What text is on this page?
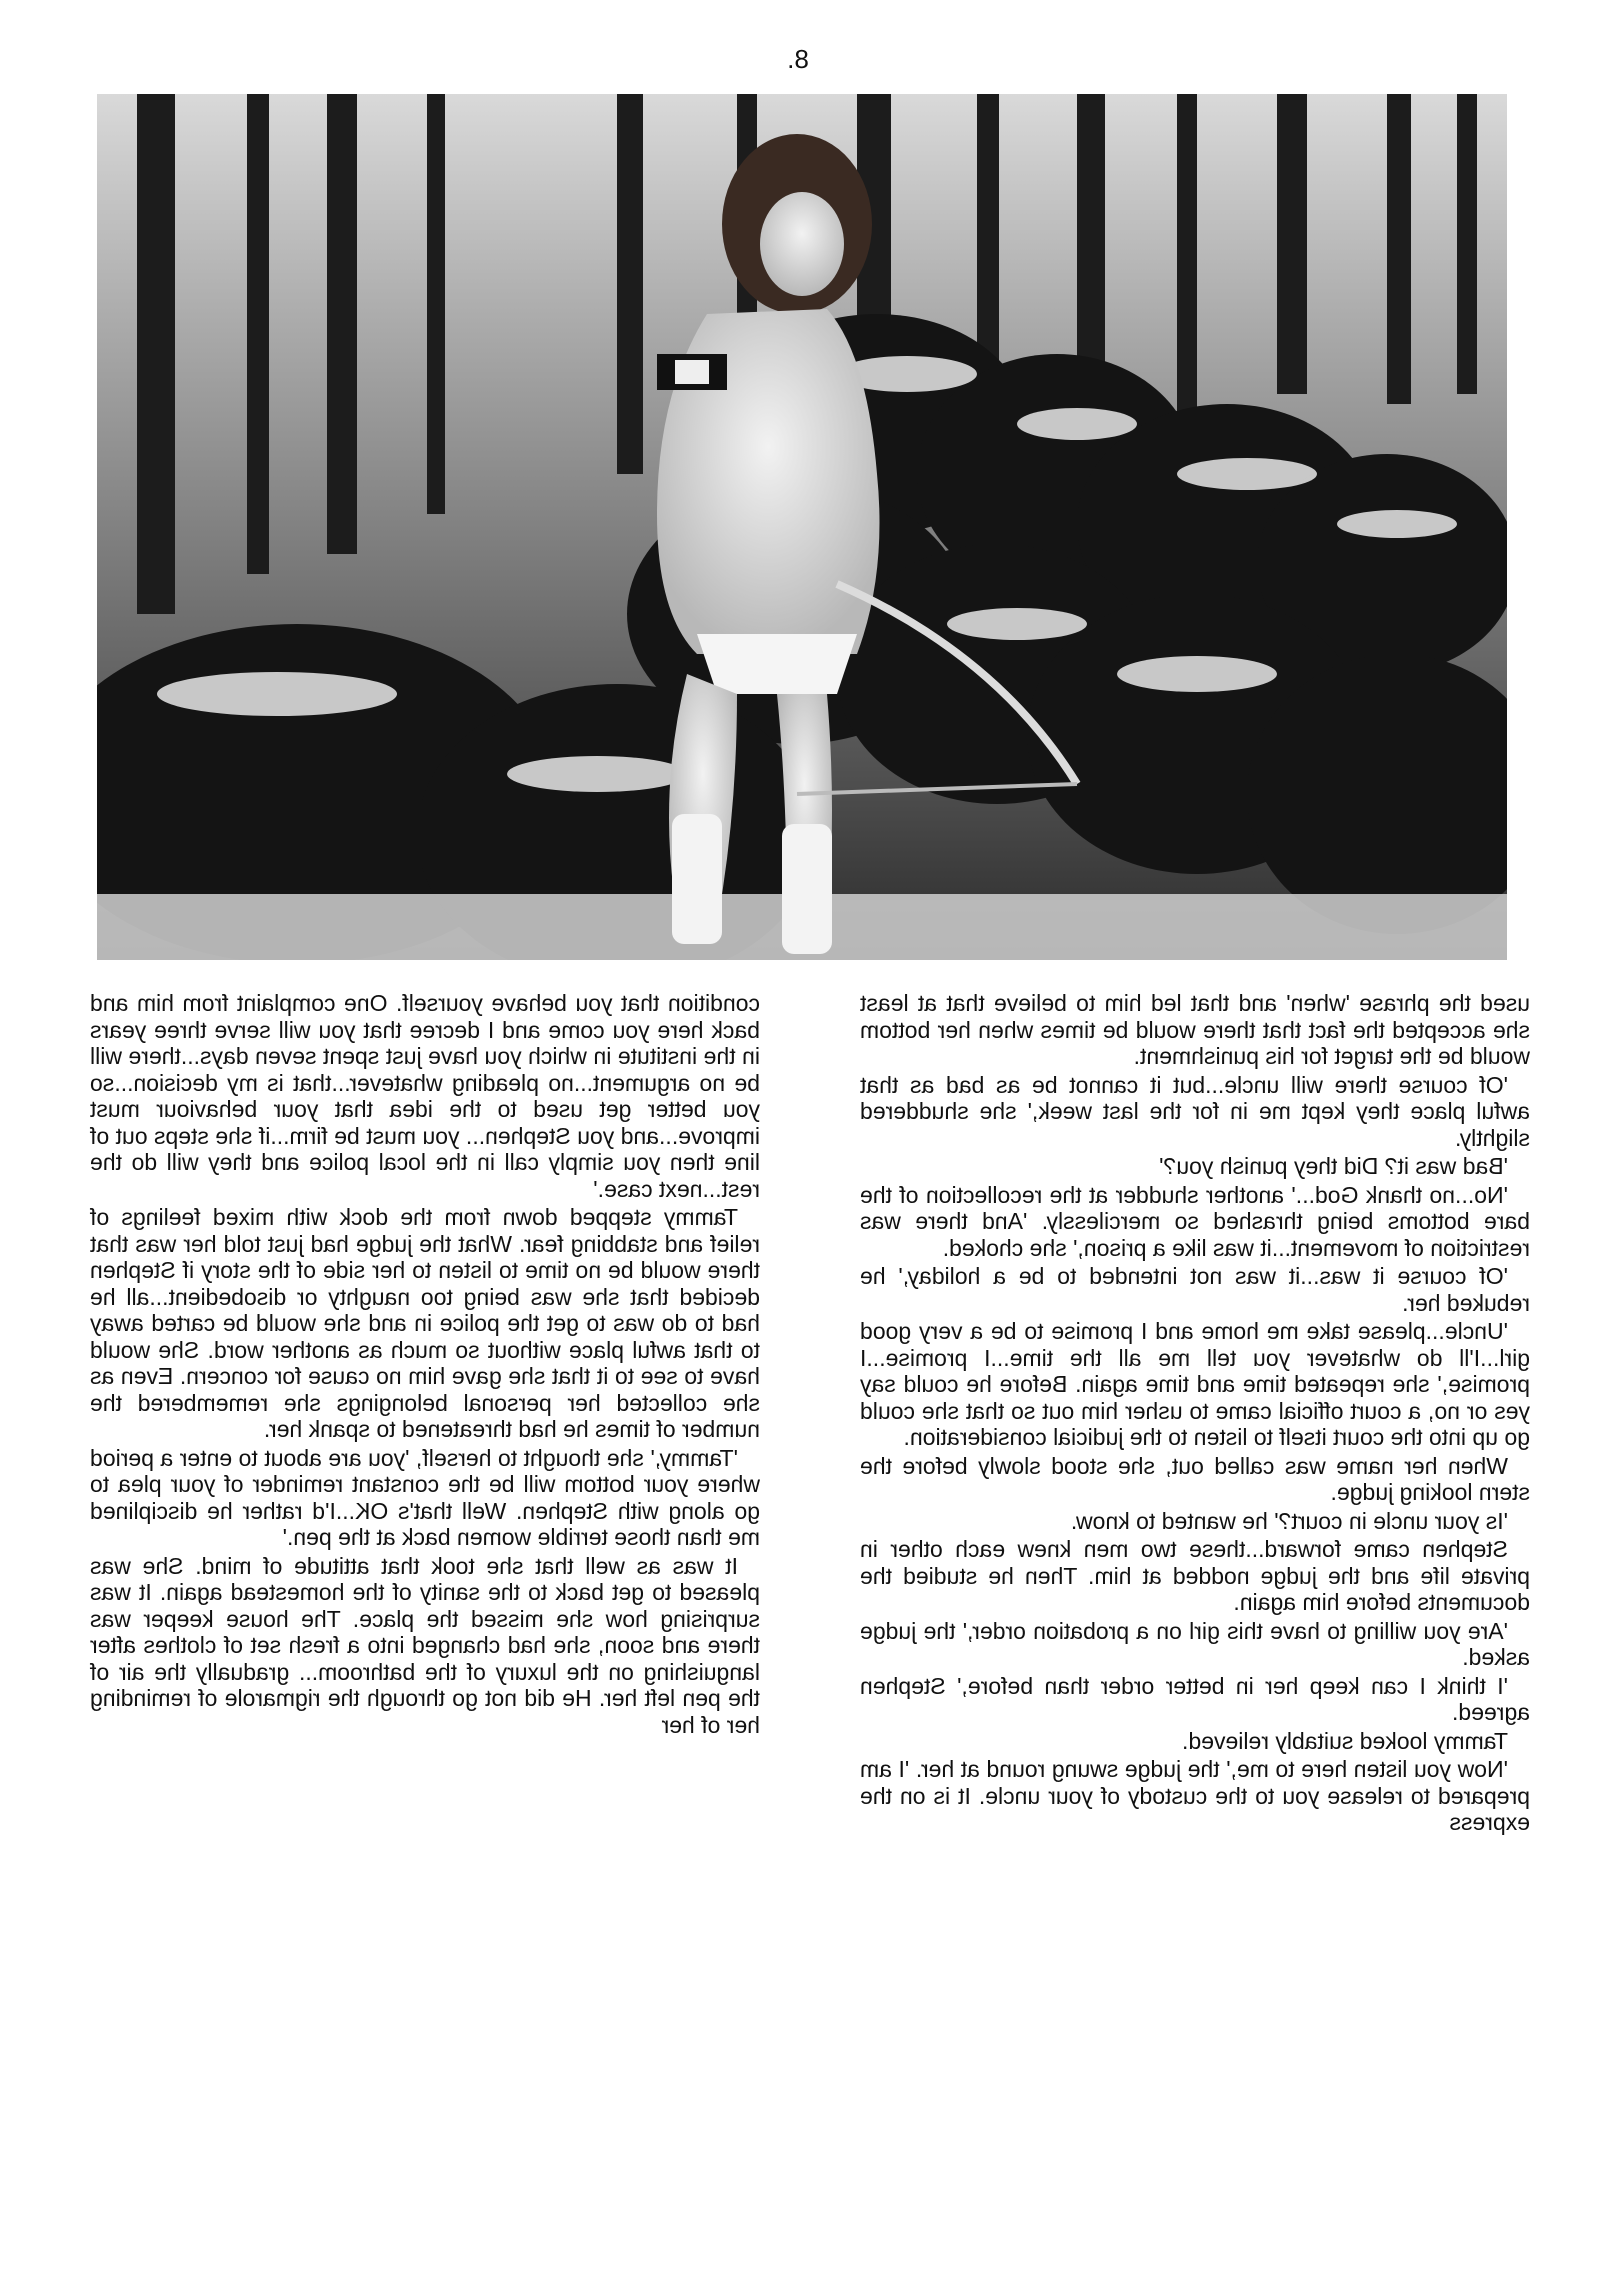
8.

used the phrase 'when' and that led him to believe that at least she accepted the fact that there would be times when her bottom would be the target for his punishment.

'Of course there will uncle...but it cannot be as bad as that awful place they kept me in for the last week,' she shuddered slightly.

'Bad was it? Did they punish you?'

'No...no thank God...' another shudder at the recollection of the bare bottoms being thrashed so mercilessly. 'And there was restriction of movement...it was like a prison,' she choked.

'Of course it was...it was not intended to be a holiday,' he rebuked her.

'Uncle...please take me home and I promise to be a very good girl...I'll do whatever you tell me all the time...I promise...I promise,' she repeated time and time again. Before he could say yes or no, a court official came to usher him out so that she could go up into the court itself to listen to the judicial consideration.

When her name was called out, she stood slowly before the stern looking judge.

'Is your uncle in court?' he wanted to know.

Stephen came forward...these two men knew each other in private life and the judge nodded at him. Then he studied the documents before him again.

'Are you willing to have this girl on a probation order,' the judge asked.

'I think I can keep her in better order than before,' Stephen agreed.

Tammy looked suitably relieved.

'Now you listen here to me,' the judge swung round at her. 'I am prepared to release you to the custody of your uncle. It is on the express

condition that you behave yourself. One complaint from him and back here you come and I decree that you will serve three years in the institute in which you have just spent seven days...there will be no argument...no pleading whatever...that is my decision...so you better get used to the idea that your behaviour must improve...and you Stephen... you must be firm...if she steps out of line then you simply call in the local police and they will do the rest...next case.'

Tammy stepped down from the dock with mixed feelings of relief and stabbing fear. What the judge had just told her was that there would be no time to listen to her side of the story if Stephen decided that she was being too naughty or disobedient...all he had to do was to get the police in and she would be carted away to that awful place without so much as another word. She would have to see to it that she gave him no cause for concern. Even as she collected her personal belongings she remembered the number of times he had threatened to spank her.

'Tammy,' she thought to herself, 'you are about to enter a period where your bottom will be the constant reminder of your plea to go along with Stephen. Well that's OK...I'd rather he disciplined me than those terrible women back at the pen.'

It was as well that she took that attitude of mind. She was pleased to get back to the sanity of the homestead again. It was surprising how she missed the place. The house keeper was there and soon, she had changed into a fresh set of clothes after languishing on the luxury of the bathroom... gradually the air of the pen left her. He did not go through the rigmarole of reminding her of her
